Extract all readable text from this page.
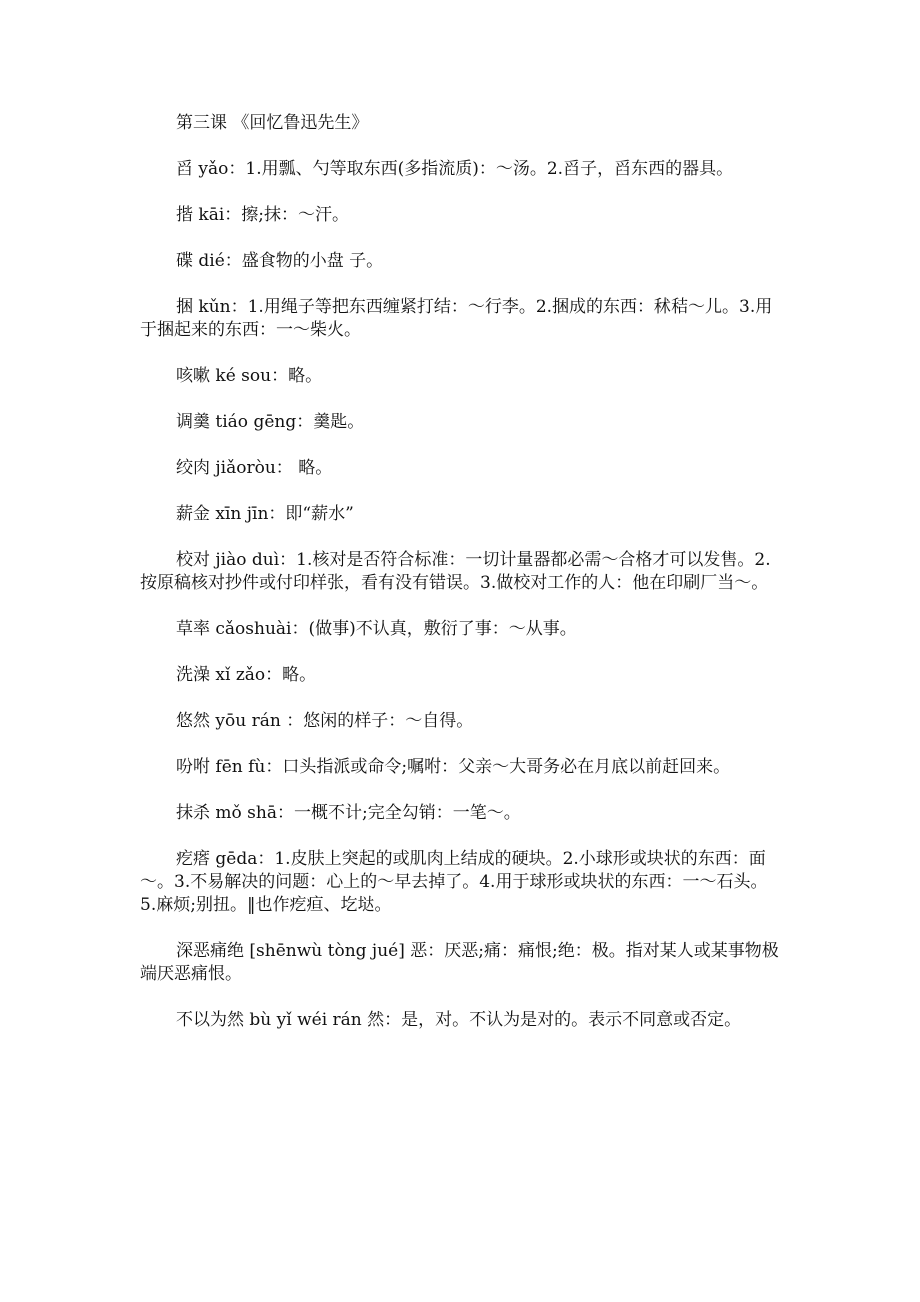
第三课 《回忆鲁迅先生》

舀 yǎo：1.用瓢、勺等取东西(多指流质)：～汤。2.舀子，舀东西的器具。

揩 kāi：擦;抹：～汗。

碟 dié：盛食物的小盘 子。

捆 kǔn：1.用绳子等把东西缠紧打结：～行李。2.捆成的东西：秫秸～儿。3.用于捆起来的东西：一～柴火。

咳嗽 ké sou：略。

调羹 tiáo gēng：羹匙。

绞肉 jiǎoròu： 略。

薪金 xīn jīn：即“薪水”

校对 jiào duì：1.核对是否符合标准：一切计量器都必需～合格才可以发售。2.按原稿核对抄件或付印样张，看有没有错误。3.做校对工作的人：他在印刷厂当～。

草率 cǎoshuài：(做事)不认真，敷衍了事：～从事。

洗澡 xǐ zǎo：略。

悠然 yōu rán ：悠闲的样子：～自得。

吩咐 fēn fù：口头指派或命令;嘱咐：父亲～大哥务必在月底以前赶回来。

抹杀 mǒ shā：一概不计;完全勾销：一笔～。

疙瘩 gēda：1.皮肤上突起的或肌肉上结成的硬块。2.小球形或块状的东西：面～。3.不易解决的问题：心上的～早去掉了。4.用于球形或块状的东西：一～石头。5.麻烦;别扭。‖也作疙疸、圪垯。

深恶痛绝 [shēnwù tòng jué] 恶：厌恶;痛：痛恨;绝：极。指对某人或某事物极端厌恶痛恨。

不以为然 bù yǐ wéi rán 然：是，对。不认为是对的。表示不同意或否定。
